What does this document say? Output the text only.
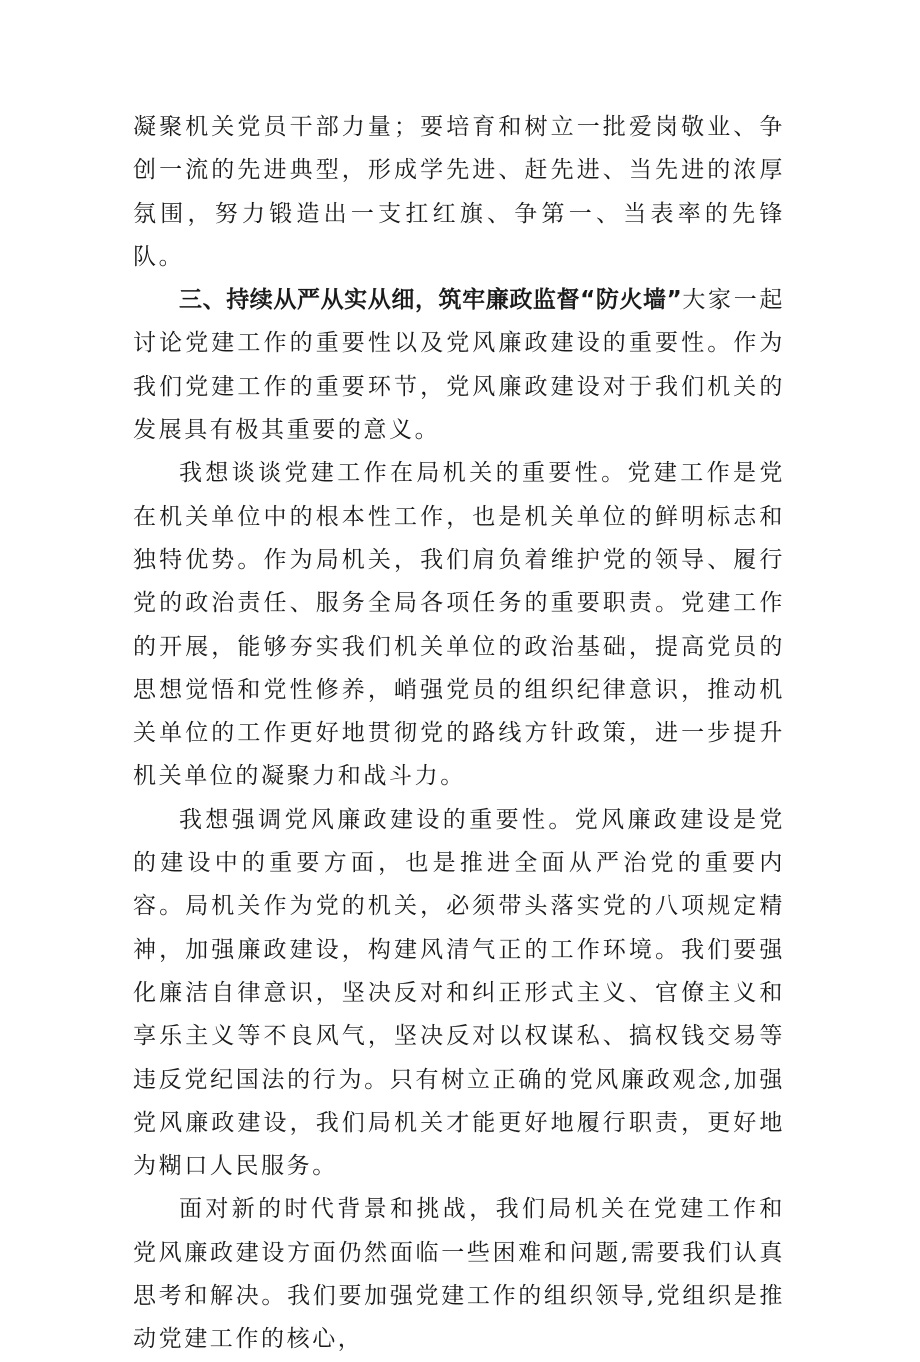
凝聚机关党员干部力量；要培育和树立一批爱岗敬业、争创一流的先进典型，形成学先进、赶先进、当先进的浓厚氛围，努力锻造出一支扛红旗、争第一、当表率的先锋队。

三、持续从严从实从细，筑牢廉政监督“防火墙”大家一起讨论党建工作的重要性以及党风廉政建设的重要性。作为我们党建工作的重要环节，党风廉政建设对于我们机关的发展具有极其重要的意义。

我想谈谈党建工作在局机关的重要性。党建工作是党在机关单位中的根本性工作，也是机关单位的鲜明标志和独特优势。作为局机关，我们肩负着维护党的领导、履行党的政治责任、服务全局各项任务的重要职责。党建工作的开展，能够夯实我们机关单位的政治基础，提高党员的思想觉悟和党性修养，峭强党员的组织纪律意识，推动机关单位的工作更好地贯彻党的路线方针政策，进一步提升机关单位的凝聚力和战斗力。

我想强调党风廉政建设的重要性。党风廉政建设是党的建设中的重要方面，也是推进全面从严治党的重要内容。局机关作为党的机关，必须带头落实党的八项规定精神，加强廉政建设，构建风清气正的工作环境。我们要强化廉洁自律意识，坚决反对和纠正形式主义、官僚主义和享乐主义等不良风气，坚决反对以权谋私、搞权钱交易等违反党纪国法的行为。只有树立正确的党风廉政观念,加强党风廉政建设，我们局机关才能更好地履行职责，更好地为糊口人民服务。

面对新的时代背景和挑战，我们局机关在党建工作和党风廉政建设方面仍然面临一些困难和问题,需要我们认真思考和解决。我们要加强党建工作的组织领导,党组织是推动党建工作的核心，
